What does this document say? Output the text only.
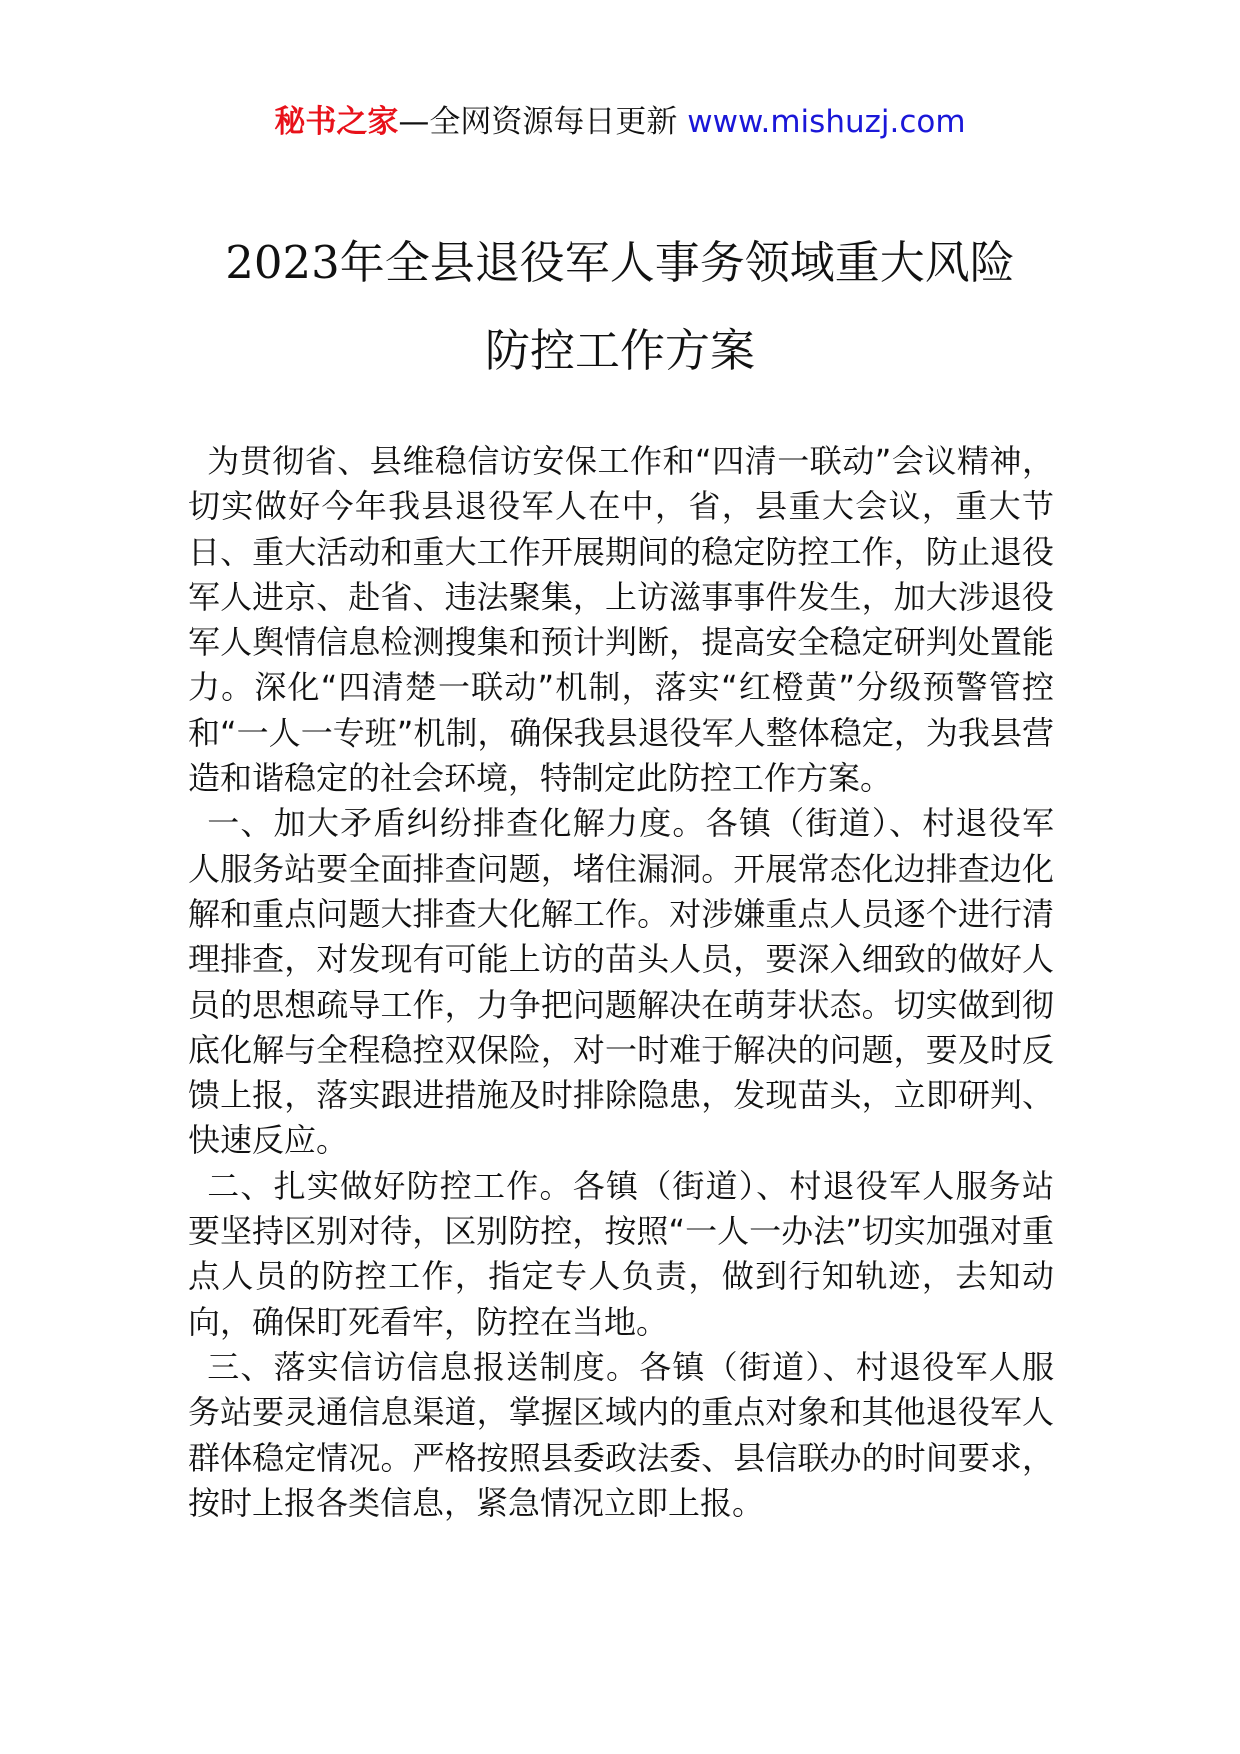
秘书之家—全网资源每日更新 www.mishuzj.com
2023年全县退役军人事务领域重大风险
防控工作方案

为贯彻省、县维稳信访安保工作和“四清一联动”会议精神，切实做好今年我县退役军人在中，省，县重大会议，重大节日、重大活动和重大工作开展期间的稳定防控工作，防止退役军人进京、赴省、违法聚集，上访滋事事件发生，加大涉退役军人舆情信息检测搜集和预计判断，提高安全稳定研判处置能力。深化“四清楚一联动”机制，落实“红橙黄”分级预警管控和“一人一专班”机制，确保我县退役军人整体稳定，为我县营造和谐稳定的社会环境，特制定此防控工作方案。

一、加大矛盾纠纷排查化解力度。各镇（街道）、村退役军人服务站要全面排查问题，堵住漏洞。开展常态化边排查边化解和重点问题大排查大化解工作。对涉嫌重点人员逐个进行清理排查，对发现有可能上访的苗头人员，要深入细致的做好人员的思想疏导工作，力争把问题解决在萌芽状态。切实做到彻底化解与全程稳控双保险，对一时难于解决的问题，要及时反馈上报，落实跟进措施及时排除隐患，发现苗头，立即研判、快速反应。

二、扎实做好防控工作。各镇（街道）、村退役军人服务站要坚持区别对待，区别防控，按照“一人一办法”切实加强对重点人员的防控工作，指定专人负责，做到行知轨迹，去知动向，确保盯死看牢，防控在当地。

三、落实信访信息报送制度。各镇（街道）、村退役军人服务站要灵通信息渠道，掌握区域内的重点对象和其他退役军人群体稳定情况。严格按照县委政法委、县信联办的时间要求，按时上报各类信息，紧急情况立即上报。
